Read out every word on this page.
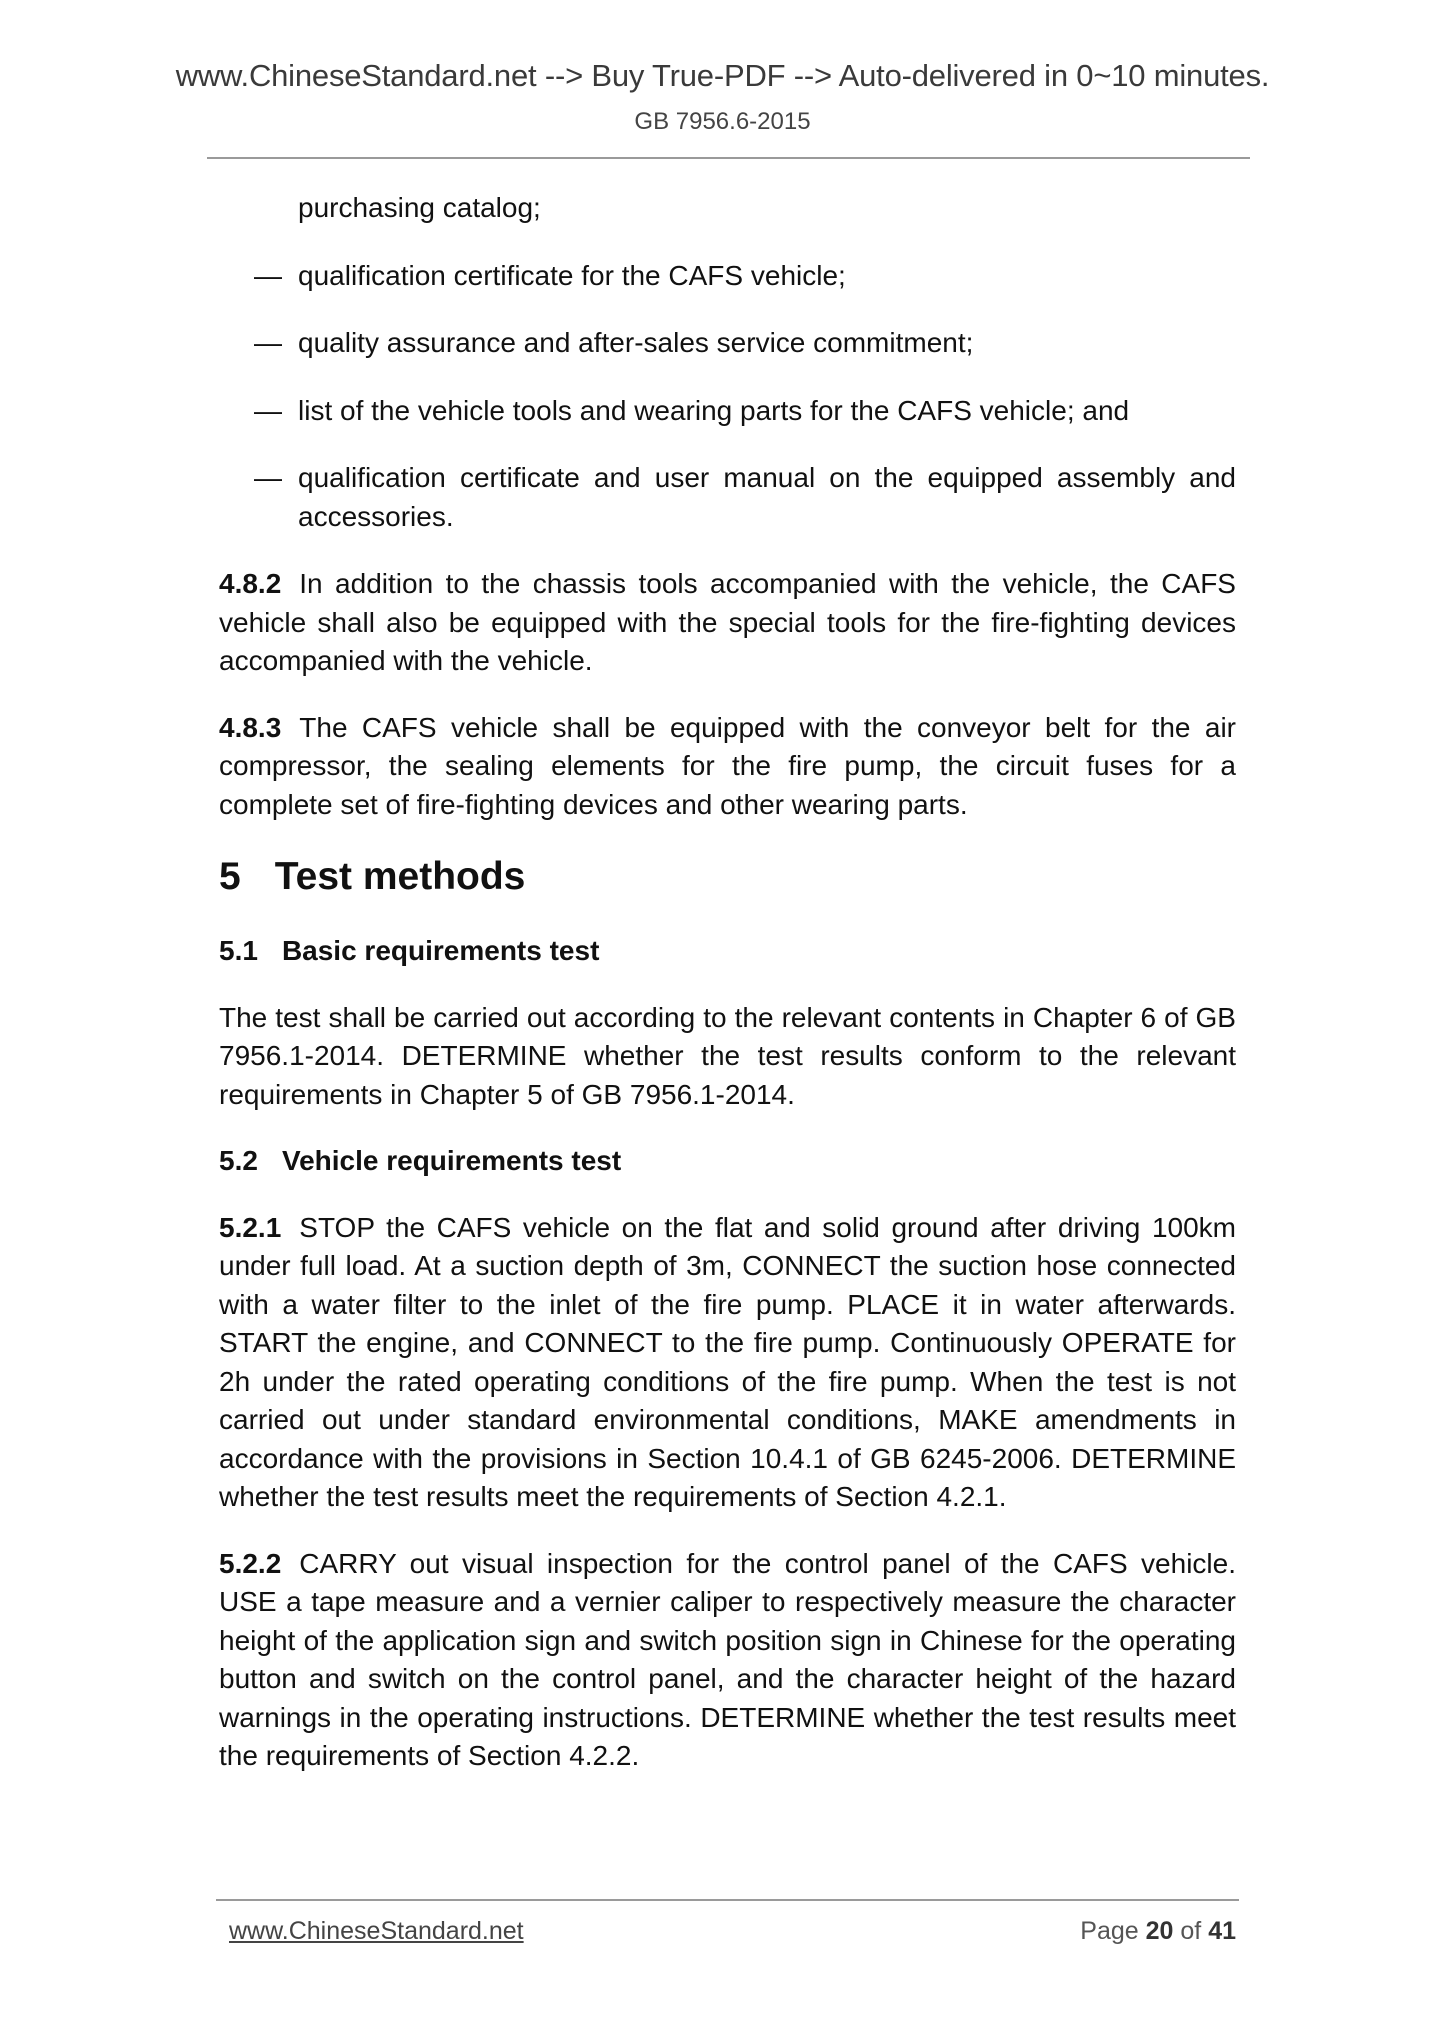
www.ChineseStandard.net --> Buy True-PDF --> Auto-delivered in 0~10 minutes.
GB 7956.6-2015

purchasing catalog;

— qualification certificate for the CAFS vehicle;
— quality assurance and after-sales service commitment;
— list of the vehicle tools and wearing parts for the CAFS vehicle; and
— qualification certificate and user manual on the equipped assembly and accessories.

4.8.2 In addition to the chassis tools accompanied with the vehicle, the CAFS vehicle shall also be equipped with the special tools for the fire-fighting devices accompanied with the vehicle.

4.8.3 The CAFS vehicle shall be equipped with the conveyor belt for the air compressor, the sealing elements for the fire pump, the circuit fuses for a complete set of fire-fighting devices and other wearing parts.

5 Test methods
5.1 Basic requirements test

The test shall be carried out according to the relevant contents in Chapter 6 of GB 7956.1-2014. DETERMINE whether the test results conform to the relevant requirements in Chapter 5 of GB 7956.1-2014.

5.2 Vehicle requirements test

5.2.1 STOP the CAFS vehicle on the flat and solid ground after driving 100km under full load. At a suction depth of 3m, CONNECT the suction hose connected with a water filter to the inlet of the fire pump. PLACE it in water afterwards. START the engine, and CONNECT to the fire pump. Continuously OPERATE for 2h under the rated operating conditions of the fire pump. When the test is not carried out under standard environmental conditions, MAKE amendments in accordance with the provisions in Section 10.4.1 of GB 6245-2006. DETERMINE whether the test results meet the requirements of Section 4.2.1.

5.2.2 CARRY out visual inspection for the control panel of the CAFS vehicle. USE a tape measure and a vernier caliper to respectively measure the character height of the application sign and switch position sign in Chinese for the operating button and switch on the control panel, and the character height of the hazard warnings in the operating instructions. DETERMINE whether the test results meet the requirements of Section 4.2.2.

www.ChineseStandard.net	Page 20 of 41
